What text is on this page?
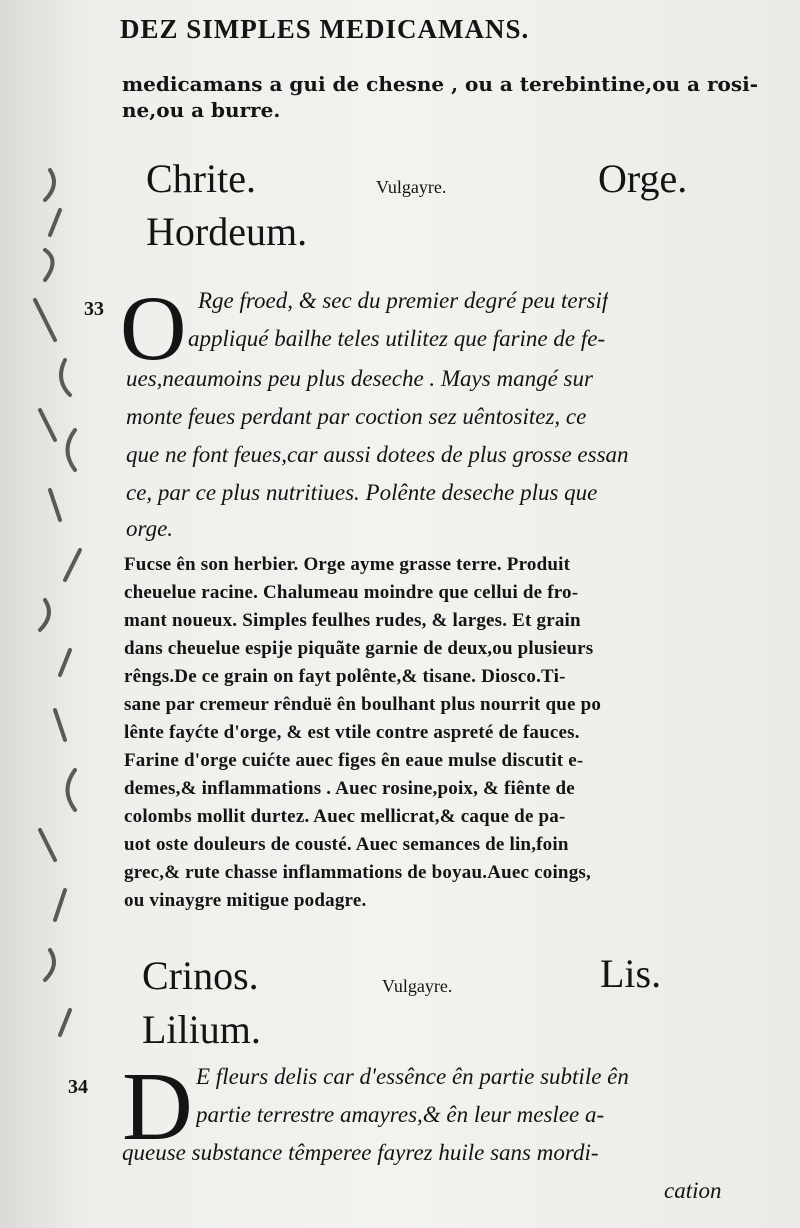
DEZ SIMPLES MEDICAMANS.
medicamans a gui de chesne , ou a terebintine,ou a rosi-
ne,ou a burre.
Chrite.	Vulgayre.	Orge.
Hordeum.
33 O Rge froed, & sec du premier degré peu tersif
appliqué bailhe teles utilitez que farine de fe-
ues,neaumoins peu plus deseche . Mays mangé sur
monte feues perdant par coction sez uêntositez, ce
que ne font feues,car aussi dotees de plus grosse essan
ce, par ce plus nutritiues. Polênte deseche plus que
orge.
Fucse ên son herbier. Orge ayme grasse terre. Produit
cheuelue racine. Chalumeau moindre que cellui de fro-
mant noueux. Simples feulhes rudes, & larges. Et grain
dans cheuelue espije piquãte garnie de deux,ou plusieurs
rêngs.De ce grain on fayt polênte,& tisane. Diosco.Ti-
sane par cremeur rênduë ên boulhant plus nourrit que po
lênte fayćte d'orge, & est vtile contre aspreté de fauces.
Farine d'orge cuićte auec figes ên eaue mulse discutit e-
demes,& inflammations . Auec rosine,poix, & fiênte de
colombs mollit durtez. Auec mellicrat,& caque de pa-
uot oste douleurs de cousté. Auec semances de lin,foin
grec,& rute chasse inflammations de boyau.Auec coings,
ou vinaygre mitigue podagre.
Crinos.	Vulgayre.	Lis.
Lilium.
34 D E fleurs delis car d'essênce ên partie subtile ên
partie terrestre amayres,& ên leur meslee a-
queuse substance têmperee fayrez huile sans mordi-
cation
